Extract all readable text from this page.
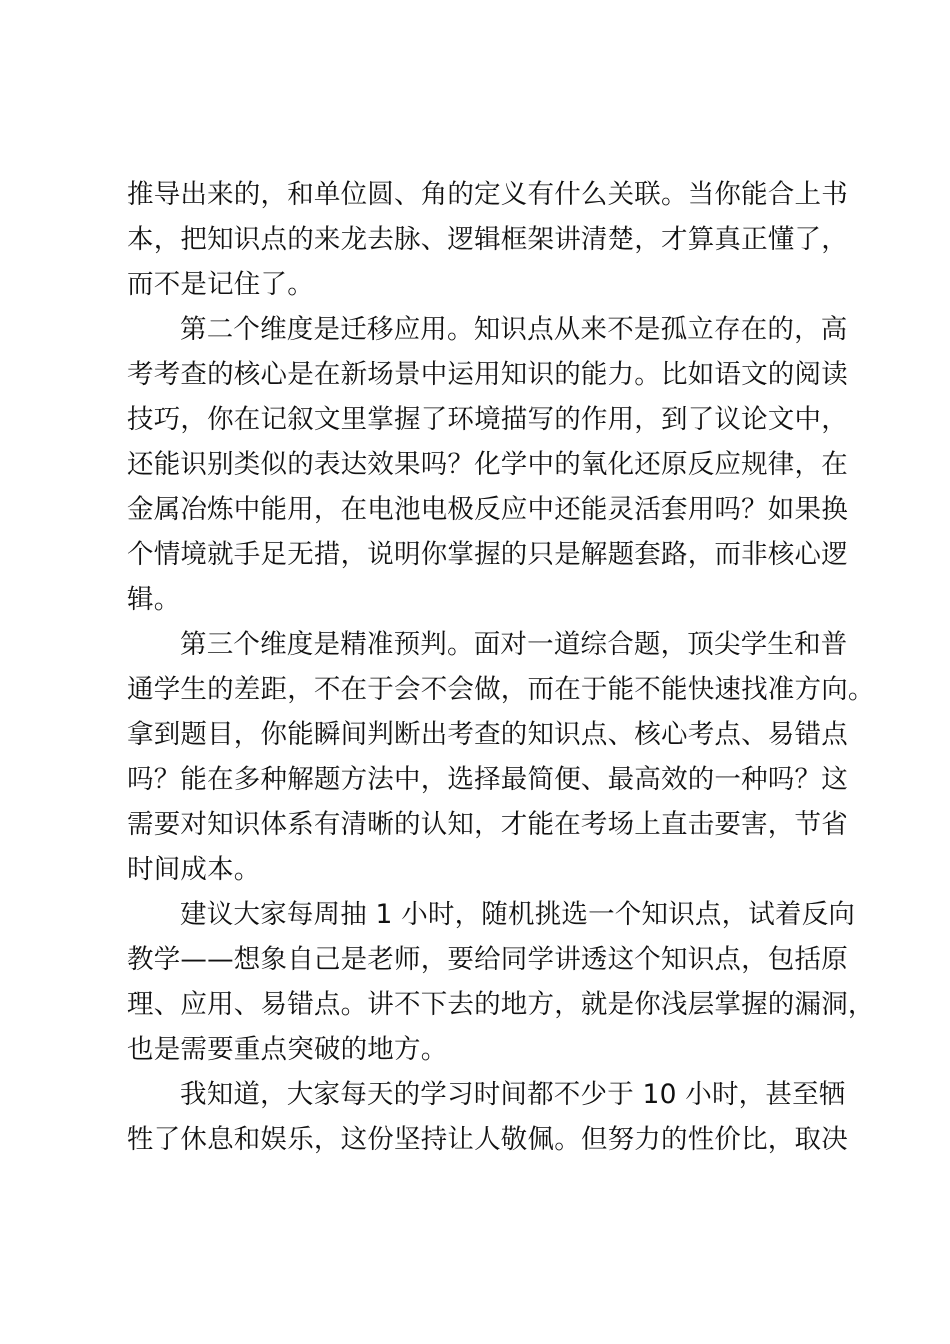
推导出来的，和单位圆、角的定义有什么关联。当你能合上书
本，把知识点的来龙去脉、逻辑框架讲清楚，才算真正懂了，
而不是记住了。
第二个维度是迁移应用。知识点从来不是孤立存在的，高
考考查的核心是在新场景中运用知识的能力。比如语文的阅读
技巧，你在记叙文里掌握了环境描写的作用，到了议论文中，
还能识别类似的表达效果吗？化学中的氧化还原反应规律，在
金属冶炼中能用，在电池电极反应中还能灵活套用吗？如果换
个情境就手足无措，说明你掌握的只是解题套路，而非核心逻
辑。
第三个维度是精准预判。面对一道综合题，顶尖学生和普
通学生的差距，不在于会不会做，而在于能不能快速找准方向。
拿到题目，你能瞬间判断出考查的知识点、核心考点、易错点
吗？能在多种解题方法中，选择最简便、最高效的一种吗？这
需要对知识体系有清晰的认知，才能在考场上直击要害，节省
时间成本。
建议大家每周抽 1 小时，随机挑选一个知识点，试着反向
教学——想象自己是老师，要给同学讲透这个知识点，包括原
理、应用、易错点。讲不下去的地方，就是你浅层掌握的漏洞，
也是需要重点突破的地方。
我知道，大家每天的学习时间都不少于 10 小时，甚至牺
牲了休息和娱乐，这份坚持让人敬佩。但努力的性价比，取决
